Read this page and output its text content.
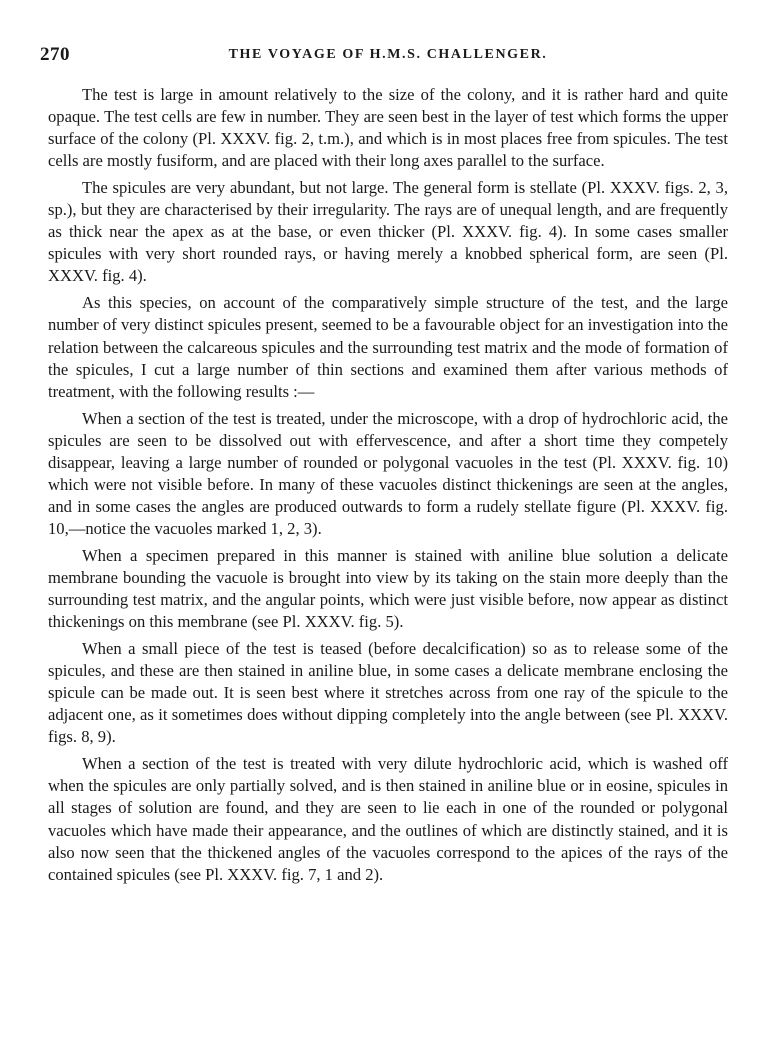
270	THE VOYAGE OF H.M.S. CHALLENGER.

The test is large in amount relatively to the size of the colony, and it is rather hard and quite opaque. The test cells are few in number. They are seen best in the layer of test which forms the upper surface of the colony (Pl. XXXV. fig. 2, t.m.), and which is in most places free from spicules. The test cells are mostly fusiform, and are placed with their long axes parallel to the surface.

The spicules are very abundant, but not large. The general form is stellate (Pl. XXXV. figs. 2, 3, sp.), but they are characterised by their irregularity. The rays are of unequal length, and are frequently as thick near the apex as at the base, or even thicker (Pl. XXXV. fig. 4). In some cases smaller spicules with very short rounded rays, or having merely a knobbed spherical form, are seen (Pl. XXXV. fig. 4).

As this species, on account of the comparatively simple structure of the test, and the large number of very distinct spicules present, seemed to be a favourable object for an investigation into the relation between the calcareous spicules and the surrounding test matrix and the mode of formation of the spicules, I cut a large number of thin sections and examined them after various methods of treatment, with the following results :—

When a section of the test is treated, under the microscope, with a drop of hydrochloric acid, the spicules are seen to be dissolved out with effervescence, and after a short time they competely disappear, leaving a large number of rounded or polygonal vacuoles in the test (Pl. XXXV. fig. 10) which were not visible before. In many of these vacuoles distinct thickenings are seen at the angles, and in some cases the angles are produced outwards to form a rudely stellate figure (Pl. XXXV. fig. 10,—notice the vacuoles marked 1, 2, 3).

When a specimen prepared in this manner is stained with aniline blue solution a delicate membrane bounding the vacuole is brought into view by its taking on the stain more deeply than the surrounding test matrix, and the angular points, which were just visible before, now appear as distinct thickenings on this membrane (see Pl. XXXV. fig. 5).

When a small piece of the test is teased (before decalcification) so as to release some of the spicules, and these are then stained in aniline blue, in some cases a delicate membrane enclosing the spicule can be made out. It is seen best where it stretches across from one ray of the spicule to the adjacent one, as it sometimes does without dipping completely into the angle between (see Pl. XXXV. figs. 8, 9).

When a section of the test is treated with very dilute hydrochloric acid, which is washed off when the spicules are only partially solved, and is then stained in aniline blue or in eosine, spicules in all stages of solution are found, and they are seen to lie each in one of the rounded or polygonal vacuoles which have made their appearance, and the outlines of which are distinctly stained, and it is also now seen that the thickened angles of the vacuoles correspond to the apices of the rays of the contained spicules (see Pl. XXXV. fig. 7, 1 and 2).
